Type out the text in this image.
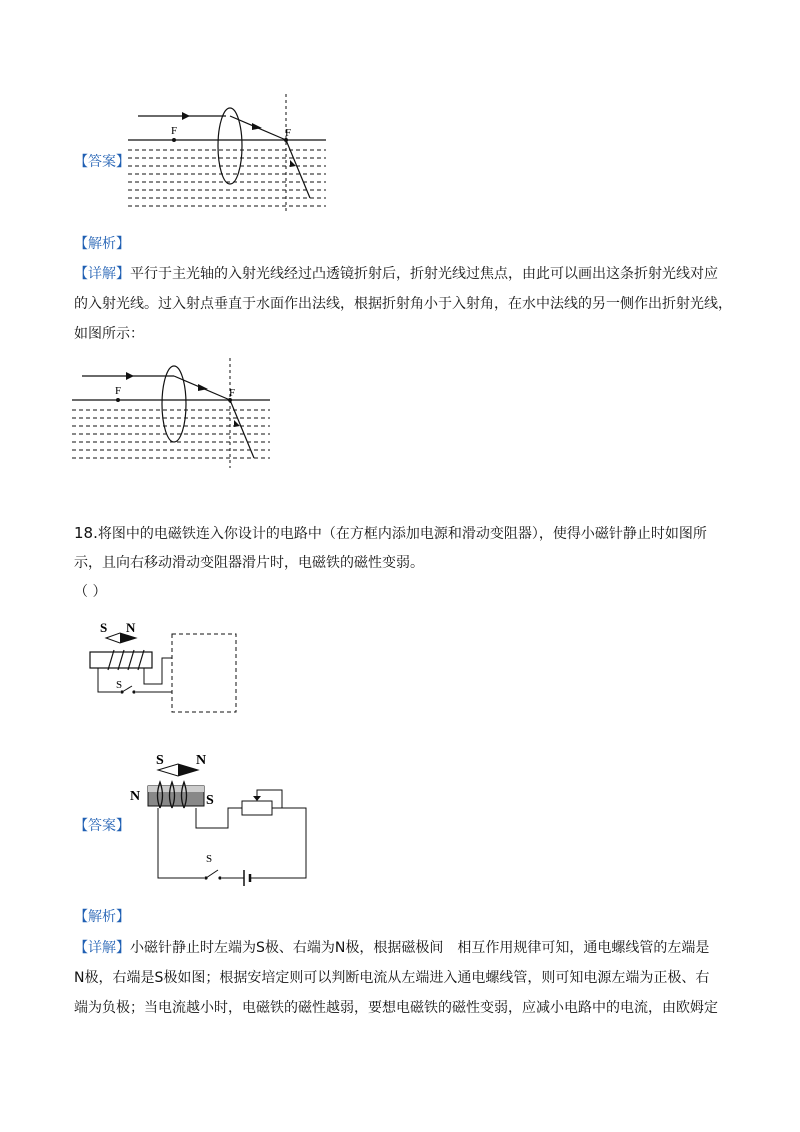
【答案】
F	F
【解析】
【详解】平行于主光轴的入射光线经过凸透镜折射后，折射光线过焦点，由此可以画出这条折射光线对应
的入射光线。过入射点垂直于水面作出法线，根据折射角小于入射角，在水中法线的另一侧作出折射光线，
如图所示：
F	F
18.将图中的电磁铁连入你设计的电路中（在方框内添加电源和滑动变阻器），使得小磁针静止时如图所
示，且向右移动滑动变阻器滑片时，电磁铁的磁性变弱。
（ ）
S N
S
【答案】
S N
N	S
S
【解析】
【详解】小磁针静止时左端为S极、右端为N极，根据磁极间　相互作用规律可知，通电螺线管的左端是
N极，右端是S极如图；根据安培定则可以判断电流从左端进入通电螺线管，则可知电源左端为正极、右
端为负极；当电流越小时，电磁铁的磁性越弱，要想电磁铁的磁性变弱，应减小电路中的电流，由欧姆定
